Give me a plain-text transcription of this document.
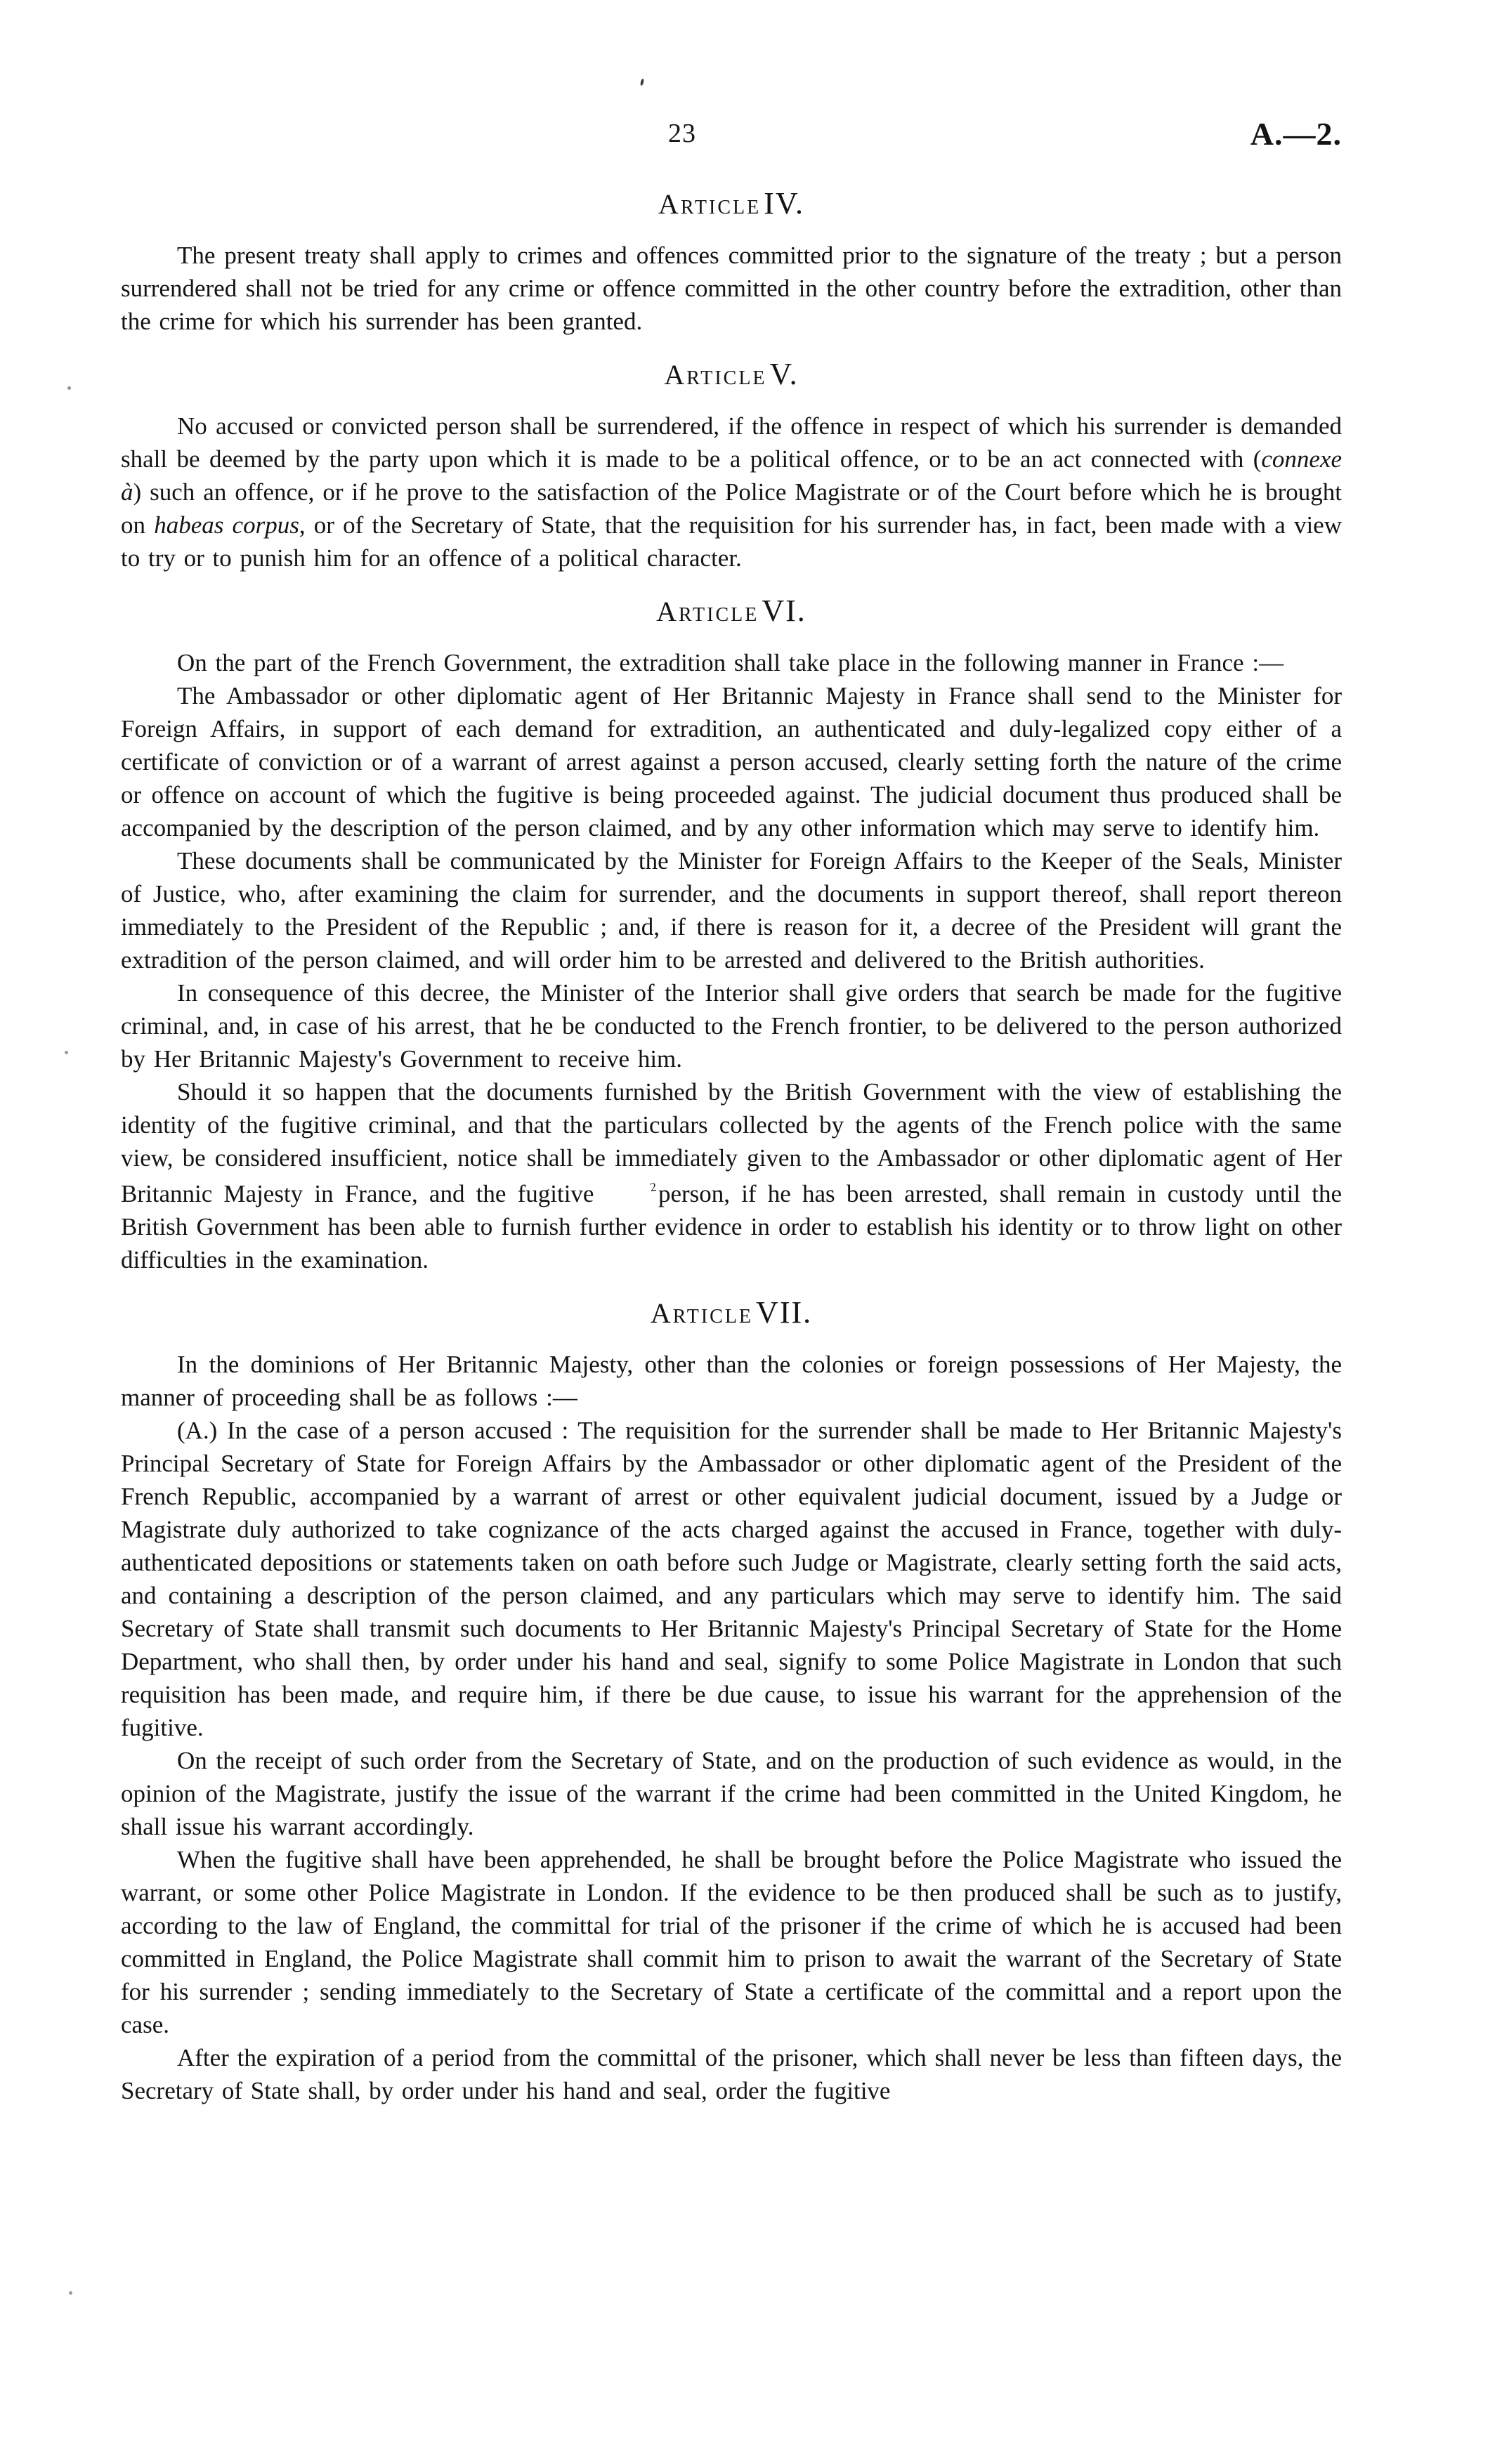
23	A.—2.
Article IV.

The present treaty shall apply to crimes and offences committed prior to the signature of the treaty ; but a person surrendered shall not be tried for any crime or offence committed in the other country before the extradition, other than the crime for which his surrender has been granted.

Article V.

No accused or convicted person shall be surrendered, if the offence in respect of which his surrender is demanded shall be deemed by the party upon which it is made to be a political offence, or to be an act connected with (connexe à) such an offence, or if he prove to the satisfaction of the Police Magistrate or of the Court before which he is brought on habeas corpus, or of the Secretary of State, that the requisition for his surrender has, in fact, been made with a view to try or to punish him for an offence of a political character.

Article VI.

On the part of the French Government, the extradition shall take place in the following manner in France :—

The Ambassador or other diplomatic agent of Her Britannic Majesty in France shall send to the Minister for Foreign Affairs, in support of each demand for extradition, an authenticated and duly-legalized copy either of a certificate of conviction or of a warrant of arrest against a person accused, clearly setting forth the nature of the crime or offence on account of which the fugitive is being proceeded against. The judicial document thus produced shall be accompanied by the description of the person claimed, and by any other information which may serve to identify him.

These documents shall be communicated by the Minister for Foreign Affairs to the Keeper of the Seals, Minister of Justice, who, after examining the claim for surrender, and the documents in support thereof, shall report thereon immediately to the President of the Republic ; and, if there is reason for it, a decree of the President will grant the extradition of the person claimed, and will order him to be arrested and delivered to the British authorities.

In consequence of this decree, the Minister of the Interior shall give orders that search be made for the fugitive criminal, and, in case of his arrest, that he be conducted to the French frontier, to be delivered to the person authorized by Her Britannic Majesty's Government to receive him.

Should it so happen that the documents furnished by the British Government with the view of establishing the identity of the fugitive criminal, and that the particulars collected by the agents of the French police with the same view, be considered insufficient, notice shall be immediately given to the Ambassador or other diplomatic agent of Her Britannic Majesty in France, and the fugitive	2person, if he has been arrested, shall remain in custody until the British Government has been able to furnish further evidence in order to establish his identity or to throw light on other difficulties in the examination.

Article VII.

In the dominions of Her Britannic Majesty, other than the colonies or foreign possessions of Her Majesty, the manner of proceeding shall be as follows :—

(A.) In the case of a person accused : The requisition for the surrender shall be made to Her Britannic Majesty's Principal Secretary of State for Foreign Affairs by the Ambassador or other diplomatic agent of the President of the French Republic, accompanied by a warrant of arrest or other equivalent judicial document, issued by a Judge or Magistrate duly authorized to take cognizance of the acts charged against the accused in France, together with duly-authenticated depositions or statements taken on oath before such Judge or Magistrate, clearly setting forth the said acts, and containing a description of the person claimed, and any particulars which may serve to identify him. The said Secretary of State shall transmit such documents to Her Britannic Majesty's Principal Secretary of State for the Home Department, who shall then, by order under his hand and seal, signify to some Police Magistrate in London that such requisition has been made, and require him, if there be due cause, to issue his warrant for the apprehension of the fugitive.

On the receipt of such order from the Secretary of State, and on the production of such evidence as would, in the opinion of the Magistrate, justify the issue of the warrant if the crime had been committed in the United Kingdom, he shall issue his warrant accordingly.

When the fugitive shall have been apprehended, he shall be brought before the Police Magistrate who issued the warrant, or some other Police Magistrate in London. If the evidence to be then produced shall be such as to justify, according to the law of England, the committal for trial of the prisoner if the crime of which he is accused had been committed in England, the Police Magistrate shall commit him to prison to await the warrant of the Secretary of State for his surrender ; sending immediately to the Secretary of State a certificate of the committal and a report upon the case.

After the expiration of a period from the committal of the prisoner, which shall never be less than fifteen days, the Secretary of State shall, by order under his hand and seal, order the fugitive
